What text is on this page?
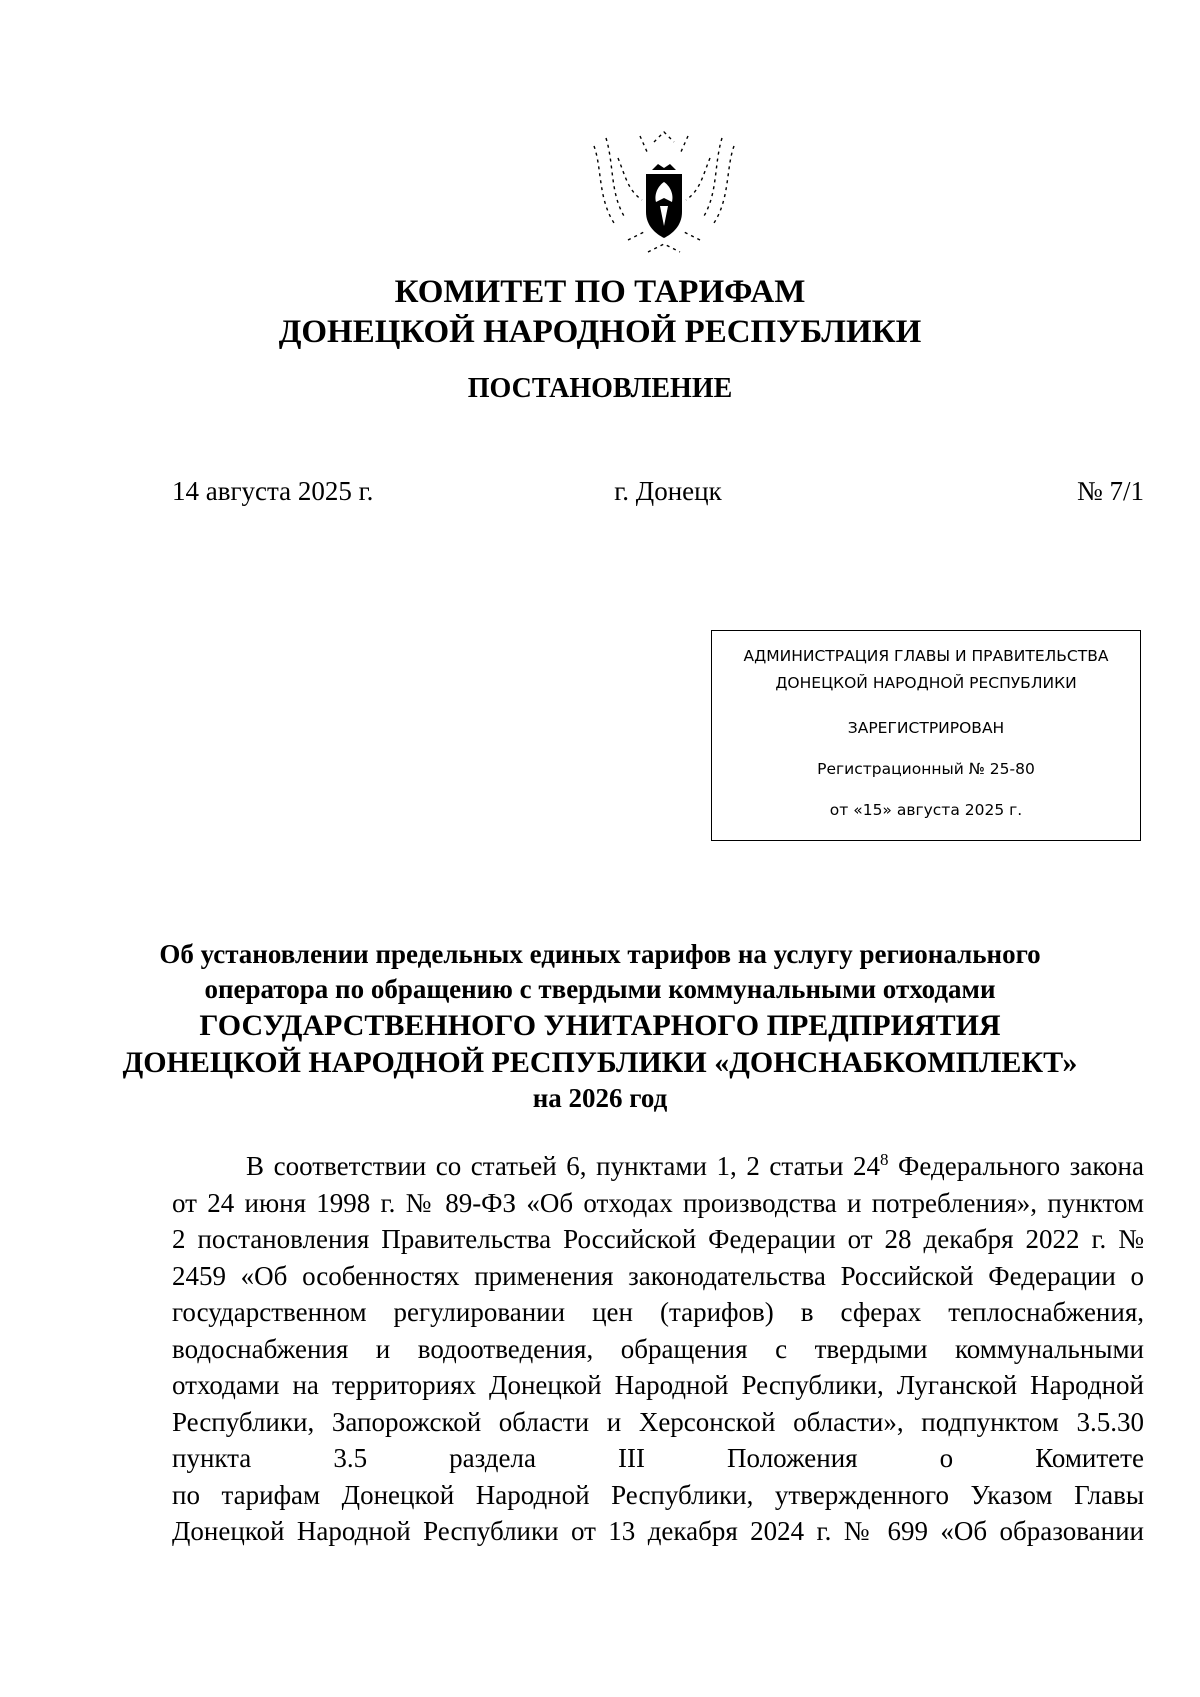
КОМИТЕТ ПО ТАРИФАМ
ДОНЕЦКОЙ НАРОДНОЙ РЕСПУБЛИКИ
ПОСТАНОВЛЕНИЕ
14 августа 2025 г.	г. Донецк	№ 7/1
АДМИНИСТРАЦИЯ ГЛАВЫ И ПРАВИТЕЛЬСТВА
ДОНЕЦКОЙ НАРОДНОЙ РЕСПУБЛИКИ
ЗАРЕГИСТРИРОВАН
Регистрационный № 25-80
от «15» августа 2025 г.
Об установлении предельных единых тарифов на услугу регионального
оператора по обращению с твердыми коммунальными отходами
ГОСУДАРСТВЕННОГО УНИТАРНОГО ПРЕДПРИЯТИЯ
ДОНЕЦКОЙ НАРОДНОЙ РЕСПУБЛИКИ «ДОНСНАБКОМПЛЕКТ»
на 2026 год
В соответствии со статьей 6, пунктами 1, 2 статьи $24^8$ Федерального закона
от 24 июня 1998 г. № 89-ФЗ «Об отходах производства и потребления», пунктом
2 постановления Правительства Российской Федерации от 28 декабря 2022 г. №
2459 «Об особенностях применения законодательства Российской Федерации о
государственном регулировании цен (тарифов) в сферах теплоснабжения,
водоснабжения и водоотведения, обращения с твердыми коммунальными
отходами на территориях Донецкой Народной Республики, Луганской Народной
Республики, Запорожской области и Херсонской области», подпунктом 3.5.30
пункта	3.5	раздела	III	Положения	о	Комитете
по тарифам Донецкой Народной Республики, утвержденного Указом Главы
Донецкой Народной Республики от 13 декабря 2024 г. № 699 «Об образовании
